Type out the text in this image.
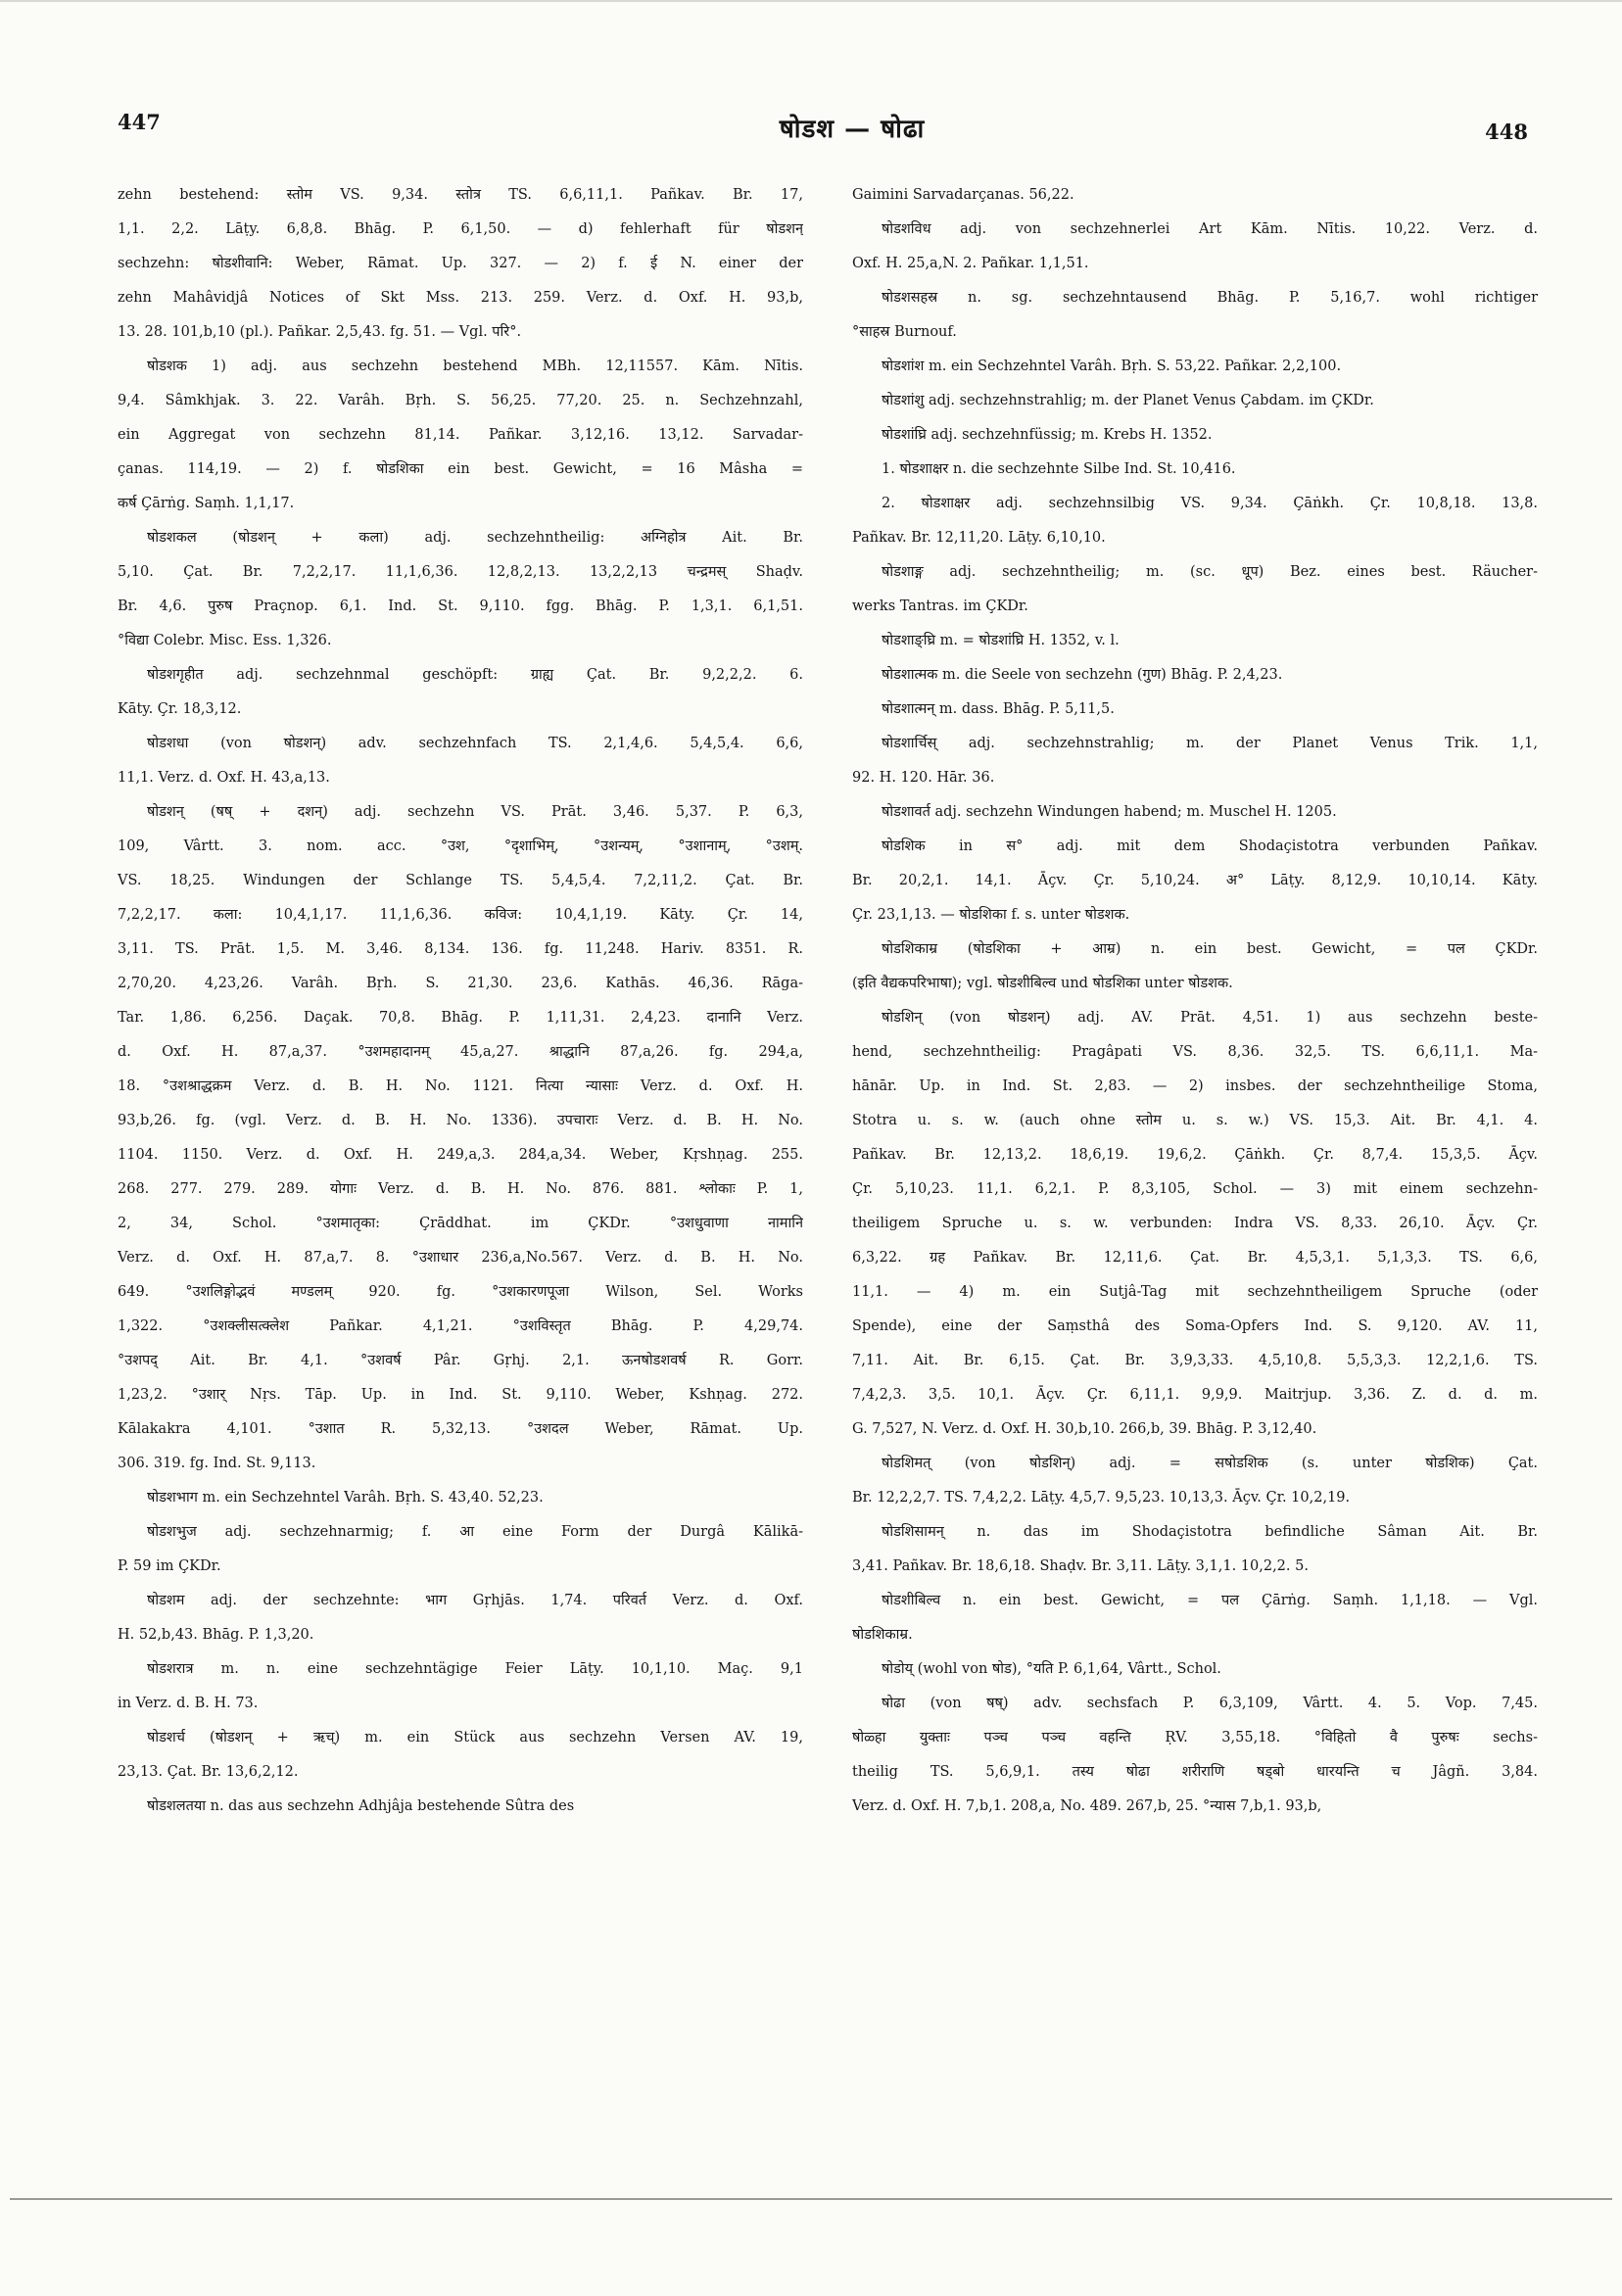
447	षोडश — षोढा	448
zehn bestehend: स्तोम VS. 9,34. स्तोत्र TS. 6,6,11,1. Pañkav. Br. 17,
1,1. 2,2. Lāṭy. 6,8,8. Bhāg. P. 6,1,50. — d) fehlerhaft für षोडशन्
sechzehn: षोडशीवानि: Weber, Rāmat. Up. 327. — 2) f. ई N. einer der
zehn Mahâvidjâ Notices of Skt Mss. 213. 259. Verz. d. Oxf. H. 93,b,
13. 28. 101,b,10 (pl.). Pañkar. 2,5,43. fg. 51. — Vgl. परि°.
षोडशक 1) adj. aus sechzehn bestehend MBh. 12,11557. Kām. Nītis.
9,4. Sâmkhjak. 3. 22. Varâh. Bṛh. S. 56,25. 77,20. 25. n. Sechzehnzahl,
ein Aggregat von sechzehn 81,14. Pañkar. 3,12,16. 13,12. Sarvadar-
çanas. 114,19. — 2) f. षोडशिका ein best. Gewicht, = 16 Mâsha =
कर्ष Çārṅg. Saṃh. 1,1,17.
षोडशकल (षोडशन् + कला) adj. sechzehntheilig: अग्निहोत्र Ait. Br.
5,10. Çat. Br. 7,2,2,17. 11,1,6,36. 12,8,2,13. 13,2,2,13 चन्द्रमस् Shaḍv.
Br. 4,6. पुरुष Praçnop. 6,1. Ind. St. 9,110. fgg. Bhāg. P. 1,3,1. 6,1,51.
°विद्या Colebr. Misc. Ess. 1,326.
षोडशगृहीत adj. sechzehnmal geschöpft: ग्राह्य Çat. Br. 9,2,2,2. 6.
Kāty. Çr. 18,3,12.
षोडशधा (von षोडशन्) adv. sechzehnfach TS. 2,1,4,6. 5,4,5,4. 6,6,
11,1. Verz. d. Oxf. H. 43,a,13.
षोडशन् (षष् + दशन्) adj. sechzehn VS. Prāt. 3,46. 5,37. P. 6,3,
109, Vârtt. 3. nom. acc. °उश, °दृशाभिम्, °उशन्यम्, °उशानाम्, °उशम्.
VS. 18,25. Windungen der Schlange TS. 5,4,5,4. 7,2,11,2. Çat. Br.
7,2,2,17. कला: 10,4,1,17. 11,1,6,36. कविज: 10,4,1,19. Kāty. Çr. 14,
3,11. TS. Prāt. 1,5. M. 3,46. 8,134. 136. fg. 11,248. Hariv. 8351. R.
2,70,20. 4,23,26. Varâh. Bṛh. S. 21,30. 23,6. Kathās. 46,36. Rāga-
Tar. 1,86. 6,256. Daçak. 70,8. Bhāg. P. 1,11,31. 2,4,23. दानानि Verz.
d. Oxf. H. 87,a,37. °उशमहादानम् 45,a,27. श्राद्धानि 87,a,26. fg. 294,a,
18. °उशश्राद्धक्रम Verz. d. B. H. No. 1121. नित्या न्यासाः Verz. d. Oxf. H.
93,b,26. fg. (vgl. Verz. d. B. H. No. 1336). उपचाराः Verz. d. B. H. No.
1104. 1150. Verz. d. Oxf. H. 249,a,3. 284,a,34. Weber, Kṛshṇag. 255.
268. 277. 279. 289. योगाः Verz. d. B. H. No. 876. 881. श्लोकाः P. 1,
2, 34, Schol. °उशमातृका: Çrāddhat. im ÇKDr. °उशधुवाणा नामानि
Verz. d. Oxf. H. 87,a,7. 8. °उशाधार 236,a,No.567. Verz. d. B. H. No.
649. °उशलिङ्गोद्भवं मण्डलम् 920. fg. °उशकारणपूजा Wilson, Sel. Works
1,322. °उशक्लीसत्क्लेश Pañkar. 4,1,21. °उशविस्तृत Bhāg. P. 4,29,74.
°उशपद् Ait. Br. 4,1. °उशवर्ष Pâr. Gṛhj. 2,1. ऊनषोडशवर्ष R. Gorr.
1,23,2. °उशार् Nṛs. Tāp. Up. in Ind. St. 9,110. Weber, Kshṇag. 272.
Kālakakra 4,101. °उशात R. 5,32,13. °उशदल Weber, Rāmat. Up.
306. 319. fg. Ind. St. 9,113.
षोडशभाग m. ein Sechzehntel Varâh. Bṛh. S. 43,40. 52,23.
षोडशभुज adj. sechzehnarmig; f. आ eine Form der Durgâ Kālikā-
P. 59 im ÇKDr.
षोडशम adj. der sechzehnte: भाग Gṛhjās. 1,74. परिवर्त Verz. d. Oxf.
H. 52,b,43. Bhāg. P. 1,3,20.
षोडशरात्र m. n. eine sechzehntägige Feier Lāṭy. 10,1,10. Maç. 9,1
in Verz. d. B. H. 73.
षोडशर्च (षोडशन् + ऋच्) m. ein Stück aus sechzehn Versen AV. 19,
23,13. Çat. Br. 13,6,2,12.
षोडशलतया n. das aus sechzehn Adhjâja bestehende Sûtra des
Gaimini Sarvadarçanas. 56,22.
षोडशविध adj. von sechzehnerlei Art Kām. Nītis. 10,22. Verz. d.
Oxf. H. 25,a,N. 2. Pañkar. 1,1,51.
षोडशसहस्र n. sg. sechzehntausend Bhāg. P. 5,16,7. wohl richtiger
°साहस्र Burnouf.
षोडशांश m. ein Sechzehntel Varâh. Bṛh. S. 53,22. Pañkar. 2,2,100.
षोडशांशु adj. sechzehnstrahlig; m. der Planet Venus Çabdam. im ÇKDr.
षोडशांघ्रि adj. sechzehnfüssig; m. Krebs H. 1352.
1. षोडशाक्षर n. die sechzehnte Silbe Ind. St. 10,416.
2. षोडशाक्षर adj. sechzehnsilbig VS. 9,34. Çāṅkh. Çr. 10,8,18. 13,8.
Pañkav. Br. 12,11,20. Lāṭy. 6,10,10.
षोडशाङ्ग adj. sechzehntheilig; m. (sc. धूप) Bez. eines best. Räucher-
werks Tantras. im ÇKDr.
षोडशाङ्घ्रि m. = षोडशांघ्रि H. 1352, v. l.
षोडशात्मक m. die Seele von sechzehn (गुण) Bhāg. P. 2,4,23.
षोडशात्मन् m. dass. Bhāg. P. 5,11,5.
षोडशार्चिस् adj. sechzehnstrahlig; m. der Planet Venus Trik. 1,1,
92. H. 120. Hār. 36.
षोडशावर्त adj. sechzehn Windungen habend; m. Muschel H. 1205.
षोडशिक in स° adj. mit dem Shodaçistotra verbunden Pañkav.
Br. 20,2,1. 14,1. Āçv. Çr. 5,10,24. अ° Lāṭy. 8,12,9. 10,10,14. Kāty.
Çr. 23,1,13. — षोडशिका f. s. unter षोडशक.
षोडशिकाम्र (षोडशिका + आम्र) n. ein best. Gewicht, = पल ÇKDr.
(इति वैद्यकपरिभाषा); vgl. षोडशीबिल्व und षोडशिका unter षोडशक.
षोडशिन् (von षोडशन्) adj. AV. Prāt. 4,51. 1) aus sechzehn beste-
hend, sechzehntheilig: Pragâpati VS. 8,36. 32,5. TS. 6,6,11,1. Ma-
hānār. Up. in Ind. St. 2,83. — 2) insbes. der sechzehntheilige Stoma,
Stotra u. s. w. (auch ohne स्तोम u. s. w.) VS. 15,3. Ait. Br. 4,1. 4.
Pañkav. Br. 12,13,2. 18,6,19. 19,6,2. Çāṅkh. Çr. 8,7,4. 15,3,5. Āçv.
Çr. 5,10,23. 11,1. 6,2,1. P. 8,3,105, Schol. — 3) mit einem sechzehn-
theiligem Spruche u. s. w. verbunden: Indra VS. 8,33. 26,10. Āçv. Çr.
6,3,22. ग्रह Pañkav. Br. 12,11,6. Çat. Br. 4,5,3,1. 5,1,3,3. TS. 6,6,
11,1. — 4) m. ein Sutjâ-Tag mit sechzehntheiligem Spruche (oder
Spende), eine der Saṃsthâ des Soma-Opfers Ind. S. 9,120. AV. 11,
7,11. Ait. Br. 6,15. Çat. Br. 3,9,3,33. 4,5,10,8. 5,5,3,3. 12,2,1,6. TS.
7,4,2,3. 3,5. 10,1. Āçv. Çr. 6,11,1. 9,9,9. Maitrjup. 3,36. Z. d. d. m.
G. 7,527, N. Verz. d. Oxf. H. 30,b,10. 266,b, 39. Bhāg. P. 3,12,40.
षोडशिमत् (von षोडशिन्) adj. = सषोडशिक (s. unter षोडशिक) Çat.
Br. 12,2,2,7. TS. 7,4,2,2. Lāṭy. 4,5,7. 9,5,23. 10,13,3. Āçv. Çr. 10,2,19.
षोडशिसामन् n. das im Shodaçistotra befindliche Sâman Ait. Br.
3,41. Pañkav. Br. 18,6,18. Shaḍv. Br. 3,11. Lāṭy. 3,1,1. 10,2,2. 5.
षोडशीबिल्व n. ein best. Gewicht, = पल Çārṅg. Saṃh. 1,1,18. — Vgl.
षोडशिकाम्र.
षोडोय् (wohl von षोड), °यति P. 6,1,64, Vârtt., Schol.
षोढा (von षष्) adv. sechsfach P. 6,3,109, Vârtt. 4. 5. Vop. 7,45.
षोळ्हा युक्ताः पञ्च पञ्च वहन्ति ṚV. 3,55,18. °विहितो वै पुरुषः sechs-
theilig TS. 5,6,9,1. तस्य षोढा शरीराणि षड्बो धारयन्ति च Jâgñ. 3,84.
Verz. d. Oxf. H. 7,b,1. 208,a, No. 489. 267,b, 25. °न्यास 7,b,1. 93,b,
